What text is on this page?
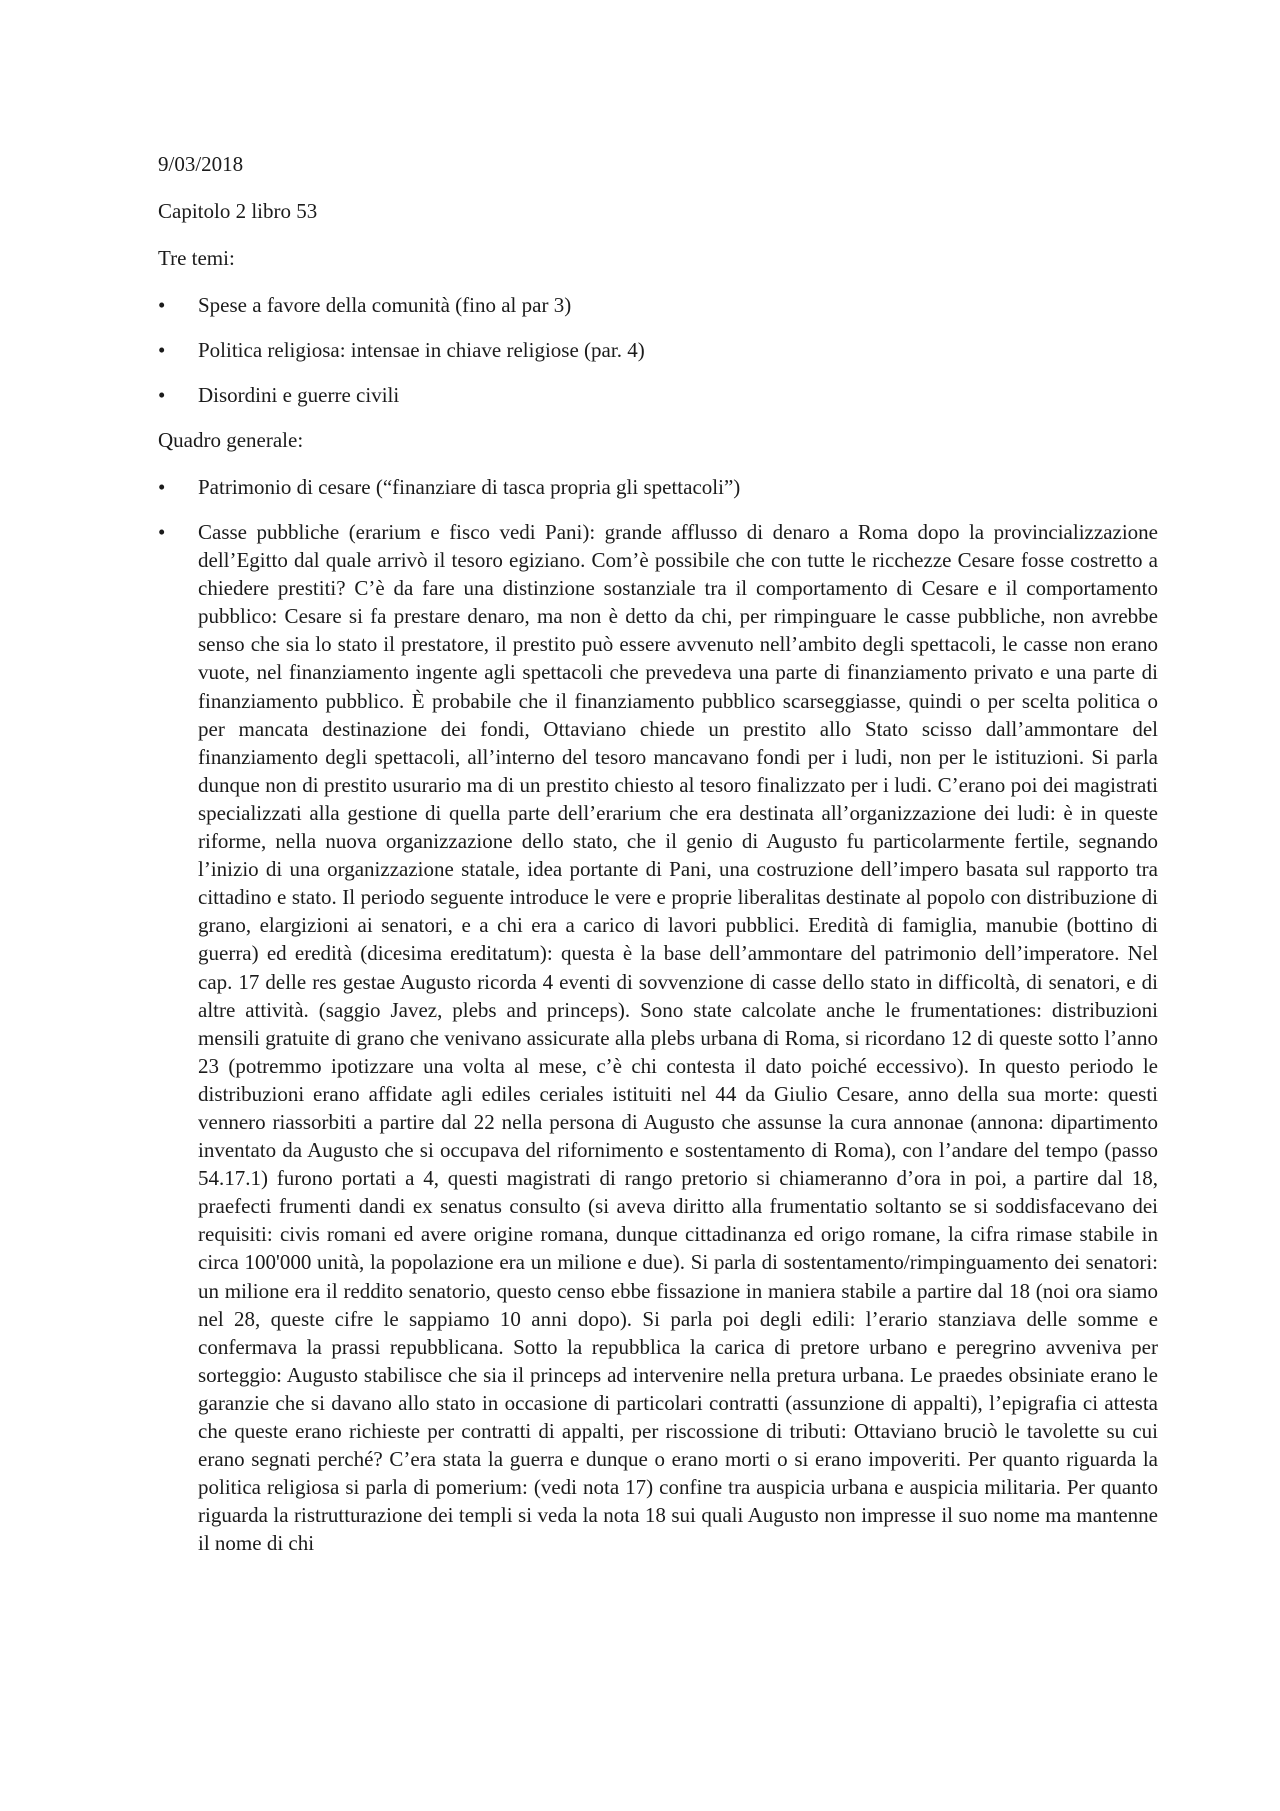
9/03/2018

Capitolo 2 libro 53

Tre temi:

• Spese a favore della comunità (fino al par 3)
• Politica religiosa: intensae in chiave religiose (par. 4)
• Disordini e guerre civili

Quadro generale:

• Patrimonio di cesare (“finanziare di tasca propria gli spettacoli”)
• Casse pubbliche (erarium e fisco vedi Pani): grande afflusso di denaro a Roma dopo la provincializzazione dell’Egitto dal quale arrivò il tesoro egiziano. Com’è possibile che con tutte le ricchezze Cesare fosse costretto a chiedere prestiti? C’è da fare una distinzione sostanziale tra il comportamento di Cesare e il comportamento pubblico: Cesare si fa prestare denaro, ma non è detto da chi, per rimpinguare le casse pubbliche, non avrebbe senso che sia lo stato il prestatore, il prestito può essere avvenuto nell’ambito degli spettacoli, le casse non erano vuote, nel finanziamento ingente agli spettacoli che prevedeva una parte di finanziamento privato e una parte di finanziamento pubblico. È probabile che il finanziamento pubblico scarseggiasse, quindi o per scelta politica o per mancata destinazione dei fondi, Ottaviano chiede un prestito allo Stato scisso dall’ammontare del finanziamento degli spettacoli, all’interno del tesoro mancavano fondi per i ludi, non per le istituzioni. Si parla dunque non di prestito usurario ma di un prestito chiesto al tesoro finalizzato per i ludi. C’erano poi dei magistrati specializzati alla gestione di quella parte dell’erarium che era destinata all’organizzazione dei ludi: è in queste riforme, nella nuova organizzazione dello stato, che il genio di Augusto fu particolarmente fertile, segnando l’inizio di una organizzazione statale, idea portante di Pani, una costruzione dell’impero basata sul rapporto tra cittadino e stato. Il periodo seguente introduce le vere e proprie liberalitas destinate al popolo con distribuzione di grano, elargizioni ai senatori, e a chi era a carico di lavori pubblici. Eredità di famiglia, manubie (bottino di guerra) ed eredità (dicesima ereditatum): questa è la base dell’ammontare del patrimonio dell’imperatore. Nel cap. 17 delle res gestae Augusto ricorda 4 eventi di sovvenzione di casse dello stato in difficoltà, di senatori, e di altre attività. (saggio Javez, plebs and princeps). Sono state calcolate anche le frumentationes: distribuzioni mensili gratuite di grano che venivano assicurate alla plebs urbana di Roma, si ricordano 12 di queste sotto l’anno 23 (potremmo ipotizzare una volta al mese, c’è chi contesta il dato poiché eccessivo). In questo periodo le distribuzioni erano affidate agli ediles ceriales istituiti nel 44 da Giulio Cesare, anno della sua morte: questi vennero riassorbiti a partire dal 22 nella persona di Augusto che assunse la cura annonae (annona: dipartimento inventato da Augusto che si occupava del rifornimento e sostentamento di Roma), con l’andare del tempo (passo 54.17.1) furono portati a 4, questi magistrati di rango pretorio si chiameranno d’ora in poi, a partire dal 18, praefecti frumenti dandi ex senatus consulto (si aveva diritto alla frumentatio soltanto se si soddisfacevano dei requisiti: civis romani ed avere origine romana, dunque cittadinanza ed origo romane, la cifra rimase stabile in circa 100'000 unità, la popolazione era un milione e due). Si parla di sostentamento/rimpinguamento dei senatori: un milione era il reddito senatorio, questo censo ebbe fissazione in maniera stabile a partire dal 18 (noi ora siamo nel 28, queste cifre le sappiamo 10 anni dopo). Si parla poi degli edili: l’erario stanziava delle somme e confermava la prassi repubblicana. Sotto la repubblica la carica di pretore urbano e peregrino avveniva per sorteggio: Augusto stabilisce che sia il princeps ad intervenire nella pretura urbana. Le praedes obsiniate erano le garanzie che si davano allo stato in occasione di particolari contratti (assunzione di appalti), l’epigrafia ci attesta che queste erano richieste per contratti di appalti, per riscossione di tributi: Ottaviano bruciò le tavolette su cui erano segnati perché? C’era stata la guerra e dunque o erano morti o si erano impoveriti. Per quanto riguarda la politica religiosa si parla di pomerium: (vedi nota 17) confine tra auspicia urbana e auspicia militaria. Per quanto riguarda la ristrutturazione dei templi si veda la nota 18 sui quali Augusto non impresse il suo nome ma mantenne il nome di chi
